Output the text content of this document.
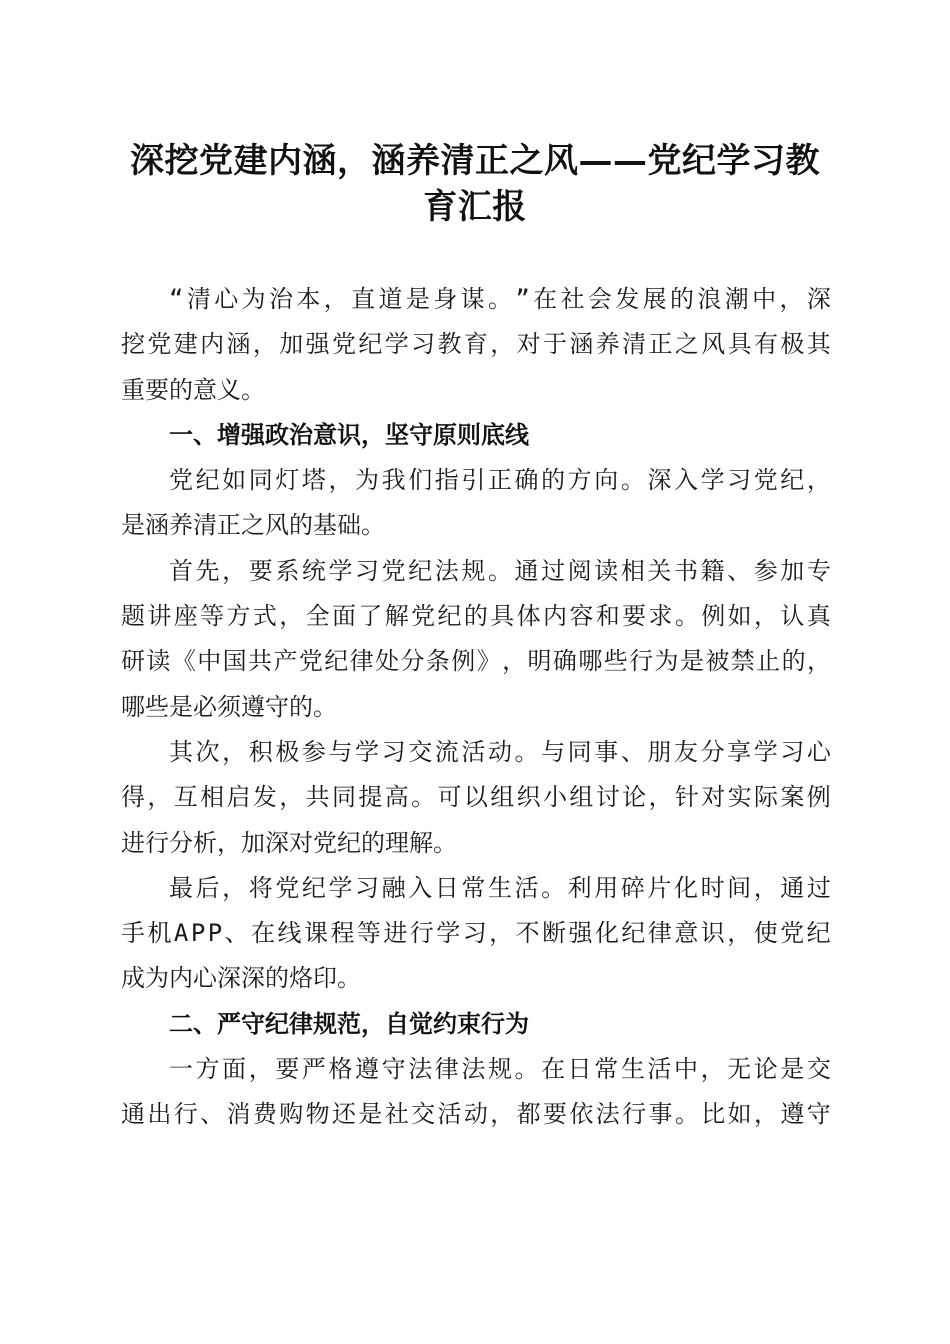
深挖党建内涵，涵养清正之风——党纪学习教
育汇报
“ 清 心 为 治 本 ， 直 道 是 身 谋 。 ” 在 社 会 发 展 的 浪 潮 中 ， 深
挖 党 建 内 涵 ， 加 强 党 纪 学 习 教 育 ， 对 于 涵 养 清 正 之 风 具 有 极 其
重要的意义。
一、增强政治意识，坚守原则底线
党 纪 如 同 灯 塔 ， 为 我 们 指 引 正 确 的 方 向 。 深 入 学 习 党 纪 ，
是涵养清正之风的基础。
首 先 ， 要 系 统 学 习 党 纪 法 规 。 通 过 阅 读 相 关 书 籍 、 参 加 专
题 讲 座 等 方 式 ， 全 面 了 解 党 纪 的 具 体 内 容 和 要 求 。 例 如 ， 认 真
研 读 《 中 国 共 产 党 纪 律 处 分 条 例 》 ， 明 确 哪 些 行 为 是 被 禁 止 的 ，
哪些是必须遵守的。
其 次 ， 积 极 参 与 学 习 交 流 活 动 。 与 同 事 、 朋 友 分 享 学 习 心
得 ， 互 相 启 发 ， 共 同 提 高 。 可 以 组 织 小 组 讨 论 ， 针 对 实 际 案 例
进行分析，加深对党纪的理解。
最 后 ， 将 党 纪 学 习 融 入 日 常 生 活 。 利 用 碎 片 化 时 间 ， 通 过
手 机 A P P 、 在 线 课 程 等 进 行 学 习 ， 不 断 强 化 纪 律 意 识 ， 使 党 纪
成为内心深深的烙印。
二、严守纪律规范，自觉约束行为
一 方 面 ， 要 严 格 遵 守 法 律 法 规 。 在 日 常 生 活 中 ， 无 论 是 交
通 出 行 、 消 费 购 物 还 是 社 交 活 动 ， 都 要 依 法 行 事 。 比 如 ， 遵 守
